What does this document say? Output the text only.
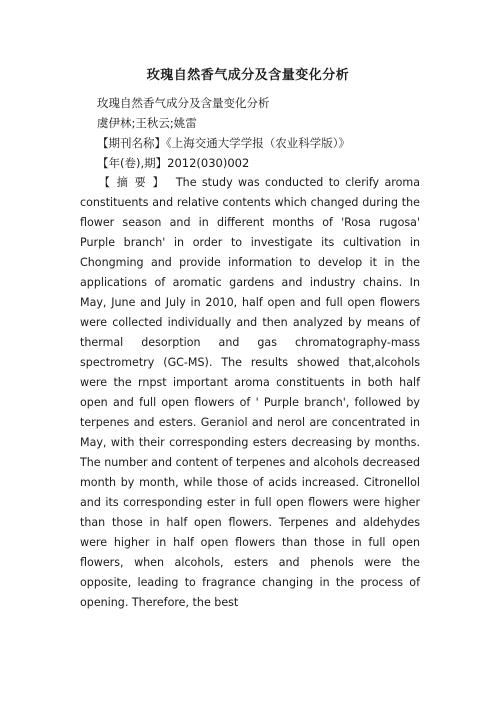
玫瑰自然香气成分及含量变化分析
玫瑰自然香气成分及含量变化分析
虞伊林;王秋云;姚雷
【期刊名称】《上海交通大学学报（农业科学版）》
【年(卷),期】2012(030)002
【摘要】 The study was conducted to clerify aroma constituents and relative contents which changed during the flower season and in different months of 'Rosa rugosa' Purple branch' in order to investigate its cultivation in Chongming and provide information to develop it in the applications of aromatic gardens and industry chains. In May, June and July in 2010, half open and full open flowers were collected individually and then analyzed by means of thermal desorption and gas chromatography-mass spectrometry (GC-MS). The results showed that,alcohols were the rnpst important aroma constituents in both half open and full open flowers of ' Purple branch', followed by terpenes and esters. Geraniol and nerol are concentrated in May, with their corresponding esters decreasing by months. The number and content of terpenes and alcohols decreased month by month, while those of acids increased. Citronellol and its corresponding ester in full open flowers were higher than those in half open flowers. Terpenes and aldehydes were higher in half open flowers than those in full open flowers, when alcohols, esters and phenols were the opposite, leading to fragrance changing in the process of opening. Therefore, the best
